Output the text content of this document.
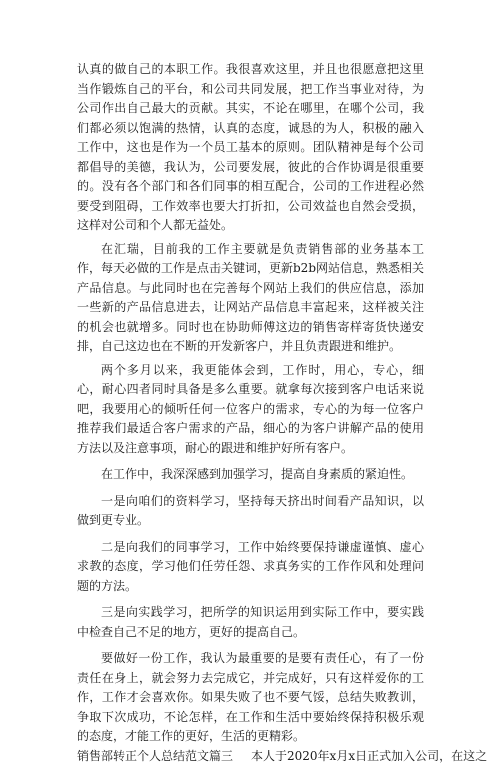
认真的做自己的本职工作。我很喜欢这里，并且也很愿意把这里当作锻炼自己的平台，和公司共同发展，把工作当事业对待，为公司作出自己最大的贡献。其实，不论在哪里，在哪个公司，我们都必须以饱满的热情，认真的态度，诚恳的为人，积极的融入工作中，这也是作为一个员工基本的原则。团队精神是每个公司都倡导的美德，我认为，公司要发展，彼此的合作协调是很重要的。没有各个部门和各们同事的相互配合，公司的工作进程必然要受到阻碍，工作效率也要大打折扣，公司效益也自然会受损，这样对公司和个人都无益处。

在汇瑞，目前我的工作主要就是负责销售部的业务基本工作，每天必做的工作是点击关键词，更新b2b网站信息，熟悉相关产品信息。与此同时也在完善每个网站上我们的供应信息，添加一些新的产品信息进去，让网站产品信息丰富起来，这样被关注的机会也就增多。同时也在协助师傅这边的销售寄样寄货快递安排，自己这边也在不断的开发新客户，并且负责跟进和维护。

两个多月以来，我更能体会到，工作时，用心，专心，细心，耐心四者同时具备是多么重要。就拿每次接到客户电话来说吧，我要用心的倾听任何一位客户的需求，专心的为每一位客户推荐我们最适合客户需求的产品，细心的为客户讲解产品的使用方法以及注意事项，耐心的跟进和维护好所有客户。

在工作中，我深深感到加强学习，提高自身素质的紧迫性。

一是向咱们的资料学习，坚持每天挤出时间看产品知识，以做到更专业。

二是向我们的同事学习，工作中始终要保持谦虚谨慎、虚心求教的态度，学习他们任劳任怨、求真务实的工作作风和处理问题的方法。

三是向实践学习，把所学的知识运用到实际工作中，要实践中检查自己不足的地方，更好的提高自己。

要做好一份工作，我认为最重要的是要有责任心，有了一份责任在身上，就会努力去完成它，并完成好，只有这样爱你的工作，工作才会喜欢你。如果失败了也不要气馁，总结失败教训，争取下次成功，不论怎样，在工作和生活中要始终保持积极乐观的态度，才能工作的更好，生活的更精彩。

销售部转正个人总结范文篇三 本人于2020年x月x日正式加入公司，在这之
